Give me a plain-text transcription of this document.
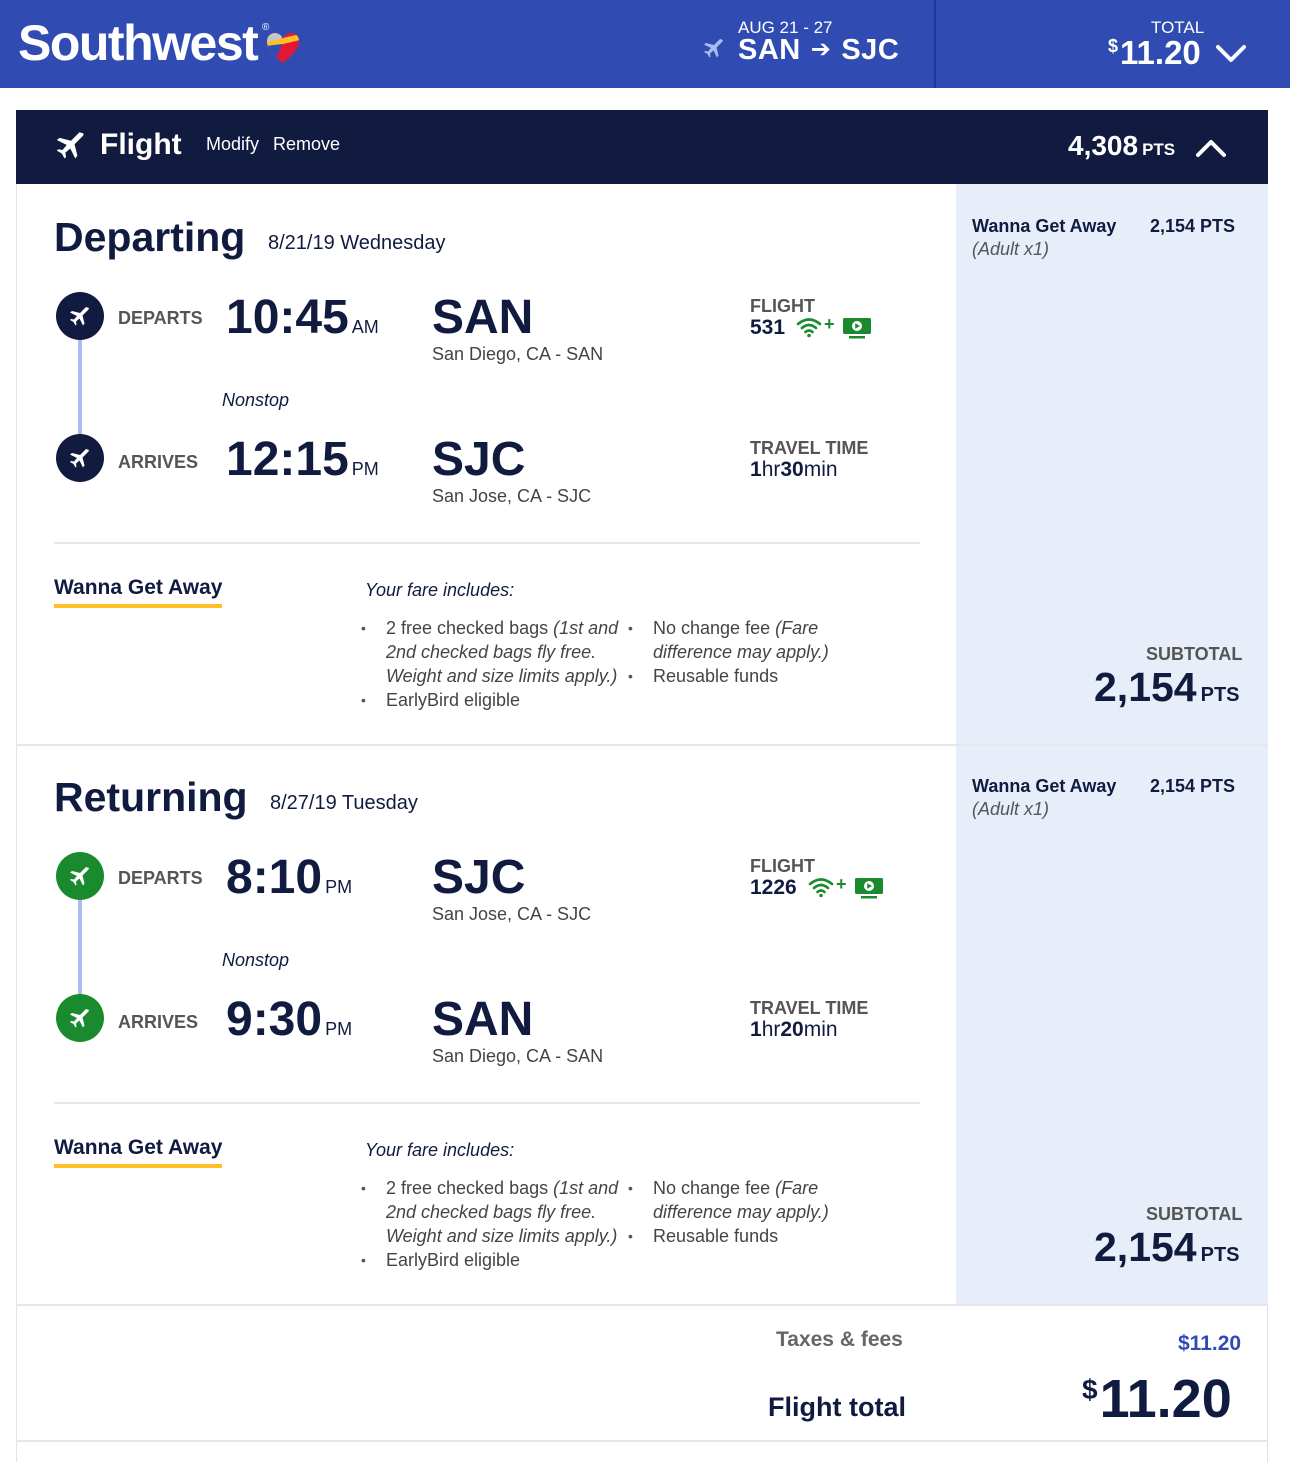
Southwest ®	AUG 21 - 27
SAN ➔ SJC
TOTAL
$11.20
Flight Modify Remove	4,308 PTS
Wanna Get Away 2,154 PTS
(Adult x1)
SUBTOTAL
2,154 PTS
Departing 8/21/19 Wednesday
DEPARTS 10:45 AM SAN
San Diego, CA - SAN
Nonstop
ARRIVES 12:15 PM SJC
San Jose, CA - SJC
FLIGHT
531 +
TRAVEL TIME
1hr30min
Wanna Get Away	Your fare includes:
• 2 free checked bags (1st and 2nd checked bags fly free. Weight and size limits apply.)
• EarlyBird eligible
• No change fee (Fare difference may apply.)
• Reusable funds
Wanna Get Away 2,154 PTS
(Adult x1)
SUBTOTAL
2,154 PTS
Returning 8/27/19 Tuesday
DEPARTS 8:10 PM SJC
San Jose, CA - SJC
Nonstop
ARRIVES 9:30 PM SAN
San Diego, CA - SAN
FLIGHT
1226 +
TRAVEL TIME
1hr20min
Wanna Get Away	Your fare includes:
• 2 free checked bags (1st and 2nd checked bags fly free. Weight and size limits apply.)
• EarlyBird eligible
• No change fee (Fare difference may apply.)
• Reusable funds
Taxes & fees	$11.20
Flight total
$11.20
